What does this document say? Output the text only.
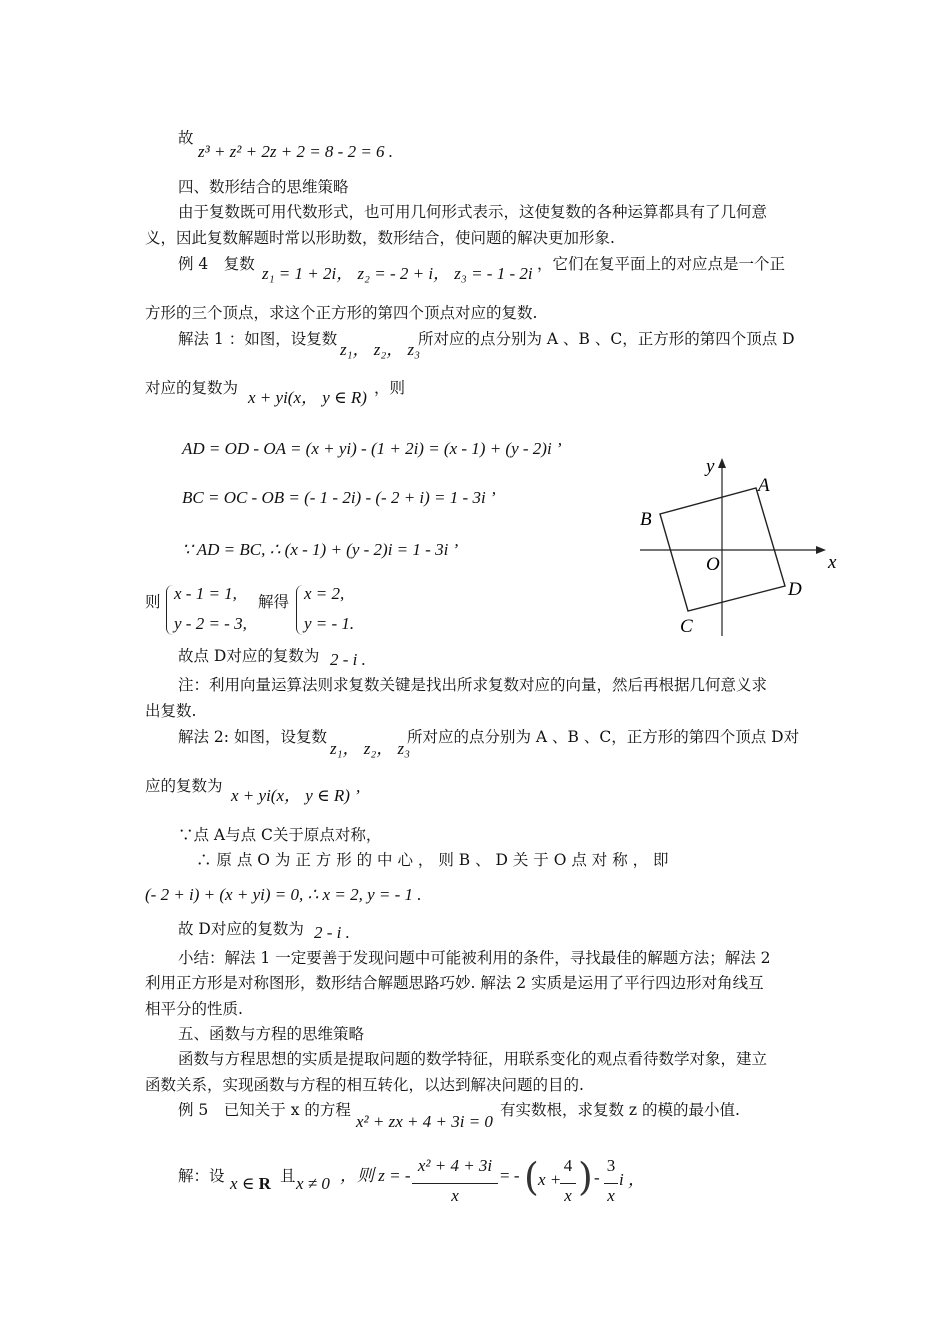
故
z³ + z² + 2z + 2 = 8 - 2 = 6 .
四、数形结合的思维策略
由于复数既可用代数形式，也可用几何形式表示，这使复数的各种运算都具有了几何意
义，因此复数解题时常以形助数，数形结合，使问题的解决更加形象.
例 4　复数 z₁ = 1 + 2i， z₂ = - 2 + i， z₃ = - 1 - 2i ，它们在复平面上的对应点是一个正
方形的三个顶点，求这个正方形的第四个顶点对应的复数.
解法 1 ：如图，设复数
z₁， z₂， z₃
所对应的点分别为 A 、B 、C，正方形的第四个顶点 D
对应的复数为 x + yi(x， y ∈ R) ，则
AD = OD - OA = (x + yi) - (1 + 2i) = (x - 1) + (y - 2)i ’
BC = OC - OB = (- 1 - 2i) - (- 2 + i) = 1 - 3i ’
∵ AD = BC, ∴ (x - 1) + (y - 2)i = 1 - 3i ’
则 x - 1 = 1,
y - 2 = - 3,
解得 x = 2,
y = - 1.
故点 D对应的复数为 2 - i .
注：利用向量运算法则求复数关键是找出所求复数对应的向量，然后再根据几何意义求
出复数.
解法 2: 如图，设复数
z₁， z₂， z₃
所对应的点分别为 A 、B 、C，正方形的第四个顶点 D对
应的复数为 x + yi(x， y ∈ R) ’
∵点 A与点 C关于原点对称，
∴ 原 点 O 为 正 方 形 的 中 心 ， 则 B 、 D 关 于 O 点 对 称 ， 即
(- 2 + i) + (x + yi) = 0, ∴ x = 2, y = - 1 .
故 D对应的复数为 2 - i .
小结：解法 1 一定要善于发现问题中可能被利用的条件，寻找最佳的解题方法；解法 2
利用正方形是对称图形，数形结合解题思路巧妙. 解法 2 实质是运用了平行四边形对角线互
相平分的性质.
五、函数与方程的思维策略
函数与方程思想的实质是提取问题的数学特征，用联系变化的观点看待数学对象，建立
函数关系，实现函数与方程的相互转化，以达到解决问题的目的.
例 5　已知关于 x 的方程
x² + zx + 4 + 3i = 0
有实数根，求复数 z 的模的最小值.
解：设 x ∈ R 且 x ≠ 0 ，则 z = -
x² + 4 + 3i
x
= - ( x +
4
x ) -
3
x
i ，
x
y
O
A
B
C
D
